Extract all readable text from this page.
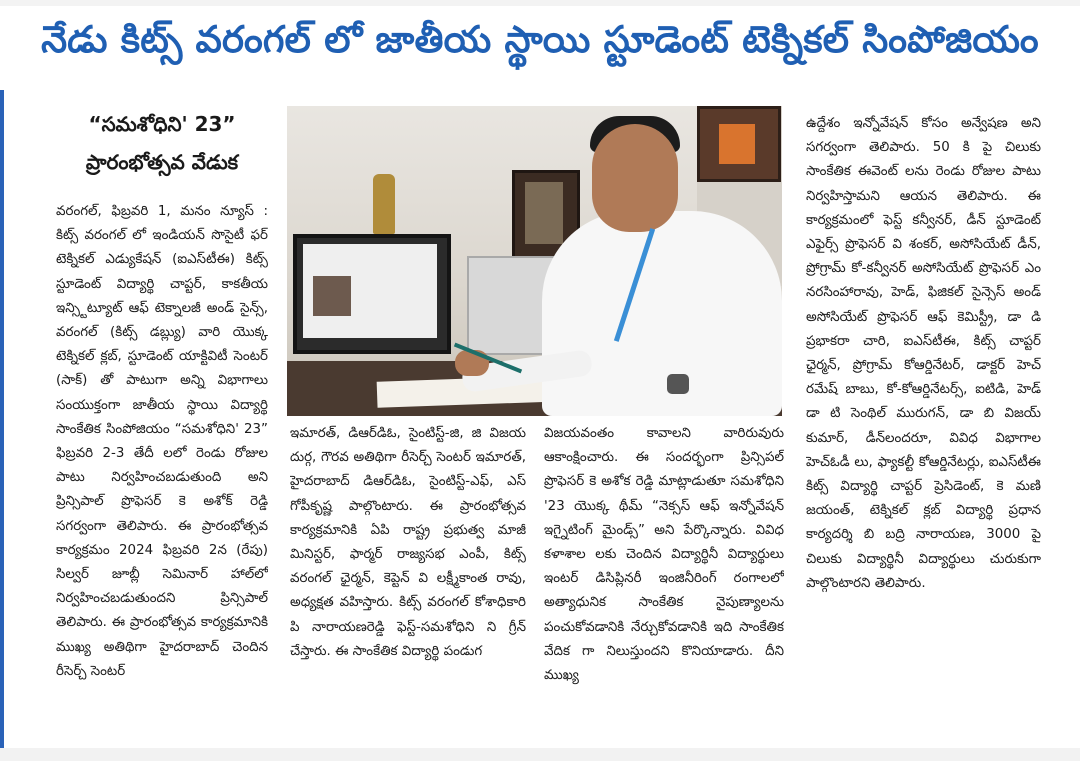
నేడు కిట్స్ వరంగల్ లో జాతీయ స్థాయి స్టూడెంట్ టెక్నికల్ సింపోజియం
“సమశోధిని' 23”
ప్రారంభోత్సవ వేడుక
వరంగల్, ఫిబ్రవరి 1, మనం న్యూస్ : కిట్స్ వరంగల్ లో ఇండియన్ సొసైటీ ఫర్ టెక్నికల్ ఎడ్యుకేషన్ (ఐఎస్‌టీఈ) కిట్స్ స్టూడెంట్ విద్యార్థి చాప్టర్, కాకతీయ ఇన్స్టిట్యూట్ ఆఫ్ టెక్నాలజీ అండ్ సైన్స్, వరంగల్ (కిట్స్ డబ్ల్యు) వారి యొక్క టెక్నికల్ క్లబ్, స్టూడెంట్ యాక్టివిటీ సెంటర్ (సాక్) తో పాటుగా అన్ని విభాగాలు సంయుక్తంగా జాతీయ స్థాయి విద్యార్థి సాంకేతిక సింపోజియం “సమశోధిని' 23” ఫిబ్రవరి 2-3 తేదీ లలో రెండు రోజుల పాటు నిర్వహించబడుతుంది అని ప్రిన్సిపాల్ ప్రొఫెసర్ కె అశోక్ రెడ్డి సగర్వంగా తెలిపారు. ఈ ప్రారంభోత్సవ కార్యక్రమం 2024 ఫిబ్రవరి 2న (రేపు) సిల్వర్ జూబ్లీ సెమినార్ హాల్‌లో నిర్వహించబడుతుందని ప్రిన్సిపాల్ తెలిపారు. ఈ ప్రారంభోత్సవ కార్యక్రమానికి ముఖ్య అతిథిగా హైదరాబాద్ చెందిన రీసెర్చ్ సెంటర్
ఇమారత్, డిఆర్‌డిఓ, సైంటిస్ట్-జి, జి విజయ దుర్గ, గౌరవ అతిథిగా రీసెర్చ్ సెంటర్ ఇమారత్, హైదరాబాద్ డిఆర్‌డిఓ, సైంటిస్ట్-ఎఫ్, ఎస్ గోపీకృష్ణ పాల్గొంటారు. ఈ ప్రారంభోత్సవ కార్యక్రమానికి ఏపి రాష్ట్ర ప్రభుత్వ మాజీ మినిస్టర్, ఫార్మర్ రాజ్యసభ ఎంపీ, కిట్స్ వరంగల్ ఛైర్మన్, కెప్టెన్ వి లక్ష్మీకాంత రావు, అధ్యక్షత వహిస్తారు. కిట్స్ వరంగల్ కోశాధికారి పి నారాయణరెడ్డి ఫెస్ట్-సమశోధిని ని గ్రీన్ చేస్తారు. ఈ సాంకేతిక విద్యార్థి పండుగ
విజయవంతం కావాలని వారిరువురు ఆకాంక్షించారు. ఈ సందర్భంగా ప్రిన్సిపల్ ప్రొఫెసర్ కె అశోక రెడ్డి మాట్లాడుతూ సమశోధిని '23 యొక్క థీమ్ “నెక్సస్ ఆఫ్ ఇన్నోవేషన్ ఇగ్నైటింగ్ మైండ్స్” అని పేర్కొన్నారు. వివిధ కళాశాల లకు చెందిన విద్యార్థినీ విద్యార్థులు ఇంటర్ డిసిప్లినరీ ఇంజినీరింగ్ రంగాలలో అత్యాధునిక సాంకేతిక నైపుణ్యాలను పంచుకోవడానికి నేర్చుకోవడానికి ఇది సాంకేతిక వేదిక గా నిలుస్తుందని కొనియాడారు. దీని ముఖ్య
ఉద్దేశం ఇన్నోవేషన్ కోసం అన్వేషణ అని సగర్వంగా తెలిపారు. 50 కి పై చిలుకు సాంకేతిక ఈవెంట్ లను రెండు రోజుల పాటు నిర్వహిస్తామని ఆయన తెలిపారు. ఈ కార్యక్రమంలో ఫెస్ట్ కన్వీనర్, డీన్ స్టూడెంట్ ఎఫైర్స్ ప్రొఫెసర్ వి శంకర్, అసోసియేట్ డీన్, ప్రోగ్రామ్ కో-కన్వీనర్ అసోసియేట్ ప్రొఫెసర్ ఎం నరసింహారావు, హెడ్, ఫిజికల్ సైన్సెస్ అండ్ అసోసియేట్ ప్రొఫెసర్ ఆఫ్ కెమిస్ట్రీ, డా డి ప్రభాకరా చారి, ఐఎస్‌టీఈ, కిట్స్ చాప్టర్ ఛైర్మన్, ప్రోగ్రామ్ కోఆర్డినేటర్, డాక్టర్ హెచ్ రమేష్ బాబు, కో-కోఆర్డినేటర్స్, ఐటిడి, హెడ్ డా టి సెంథిల్ మురుగన్, డా బి విజయ్ కుమార్, డీన్‌లందరూ, వివిధ విభాగాల హెచ్‌ఓడీ లు, ఫ్యాకల్టీ కోఆర్డినేటర్లు, ఐఎస్‌టీఈ కిట్స్ విద్యార్థి చాప్టర్ ప్రెసిడెంట్, కె మణి జయంత్, టెక్నికల్ క్లబ్ విద్యార్థి ప్రధాన కార్యదర్శి బి బద్రి నారాయణ, 3000 పై చిలుకు విద్యార్థినీ విద్యార్థులు చురుకుగా పాల్గొంటారని తెలిపారు.
